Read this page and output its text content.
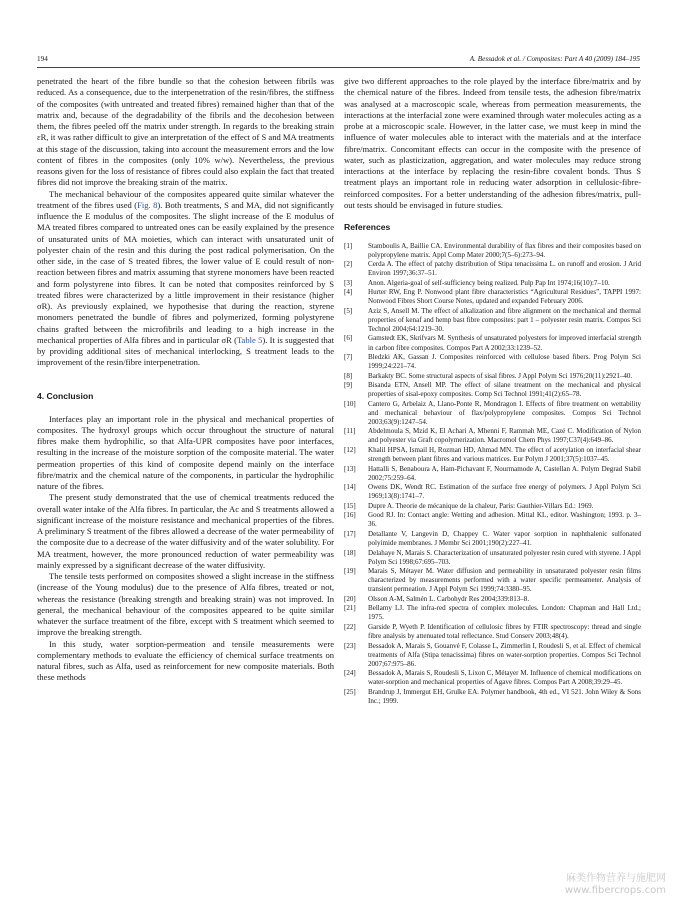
194	A. Bessadok et al. / Composites: Part A 40 (2009) 184–195

penetrated the heart of the fibre bundle so that the cohesion between fibrils was reduced. As a consequence, due to the interpenetration of the resin/fibres, the stiffness of the composites (with untreated and treated fibres) remained higher than that of the matrix and, because of the degradability of the fibrils and the decohesion between them, the fibres peeled off the matrix under strength. In regards to the breaking strain εR, it was rather difficult to give an interpretation of the effect of S and MA treatments at this stage of the discussion, taking into account the measurement errors and the low content of fibres in the composites (only 10% w/w). Nevertheless, the previous reasons given for the loss of resistance of fibres could also explain the fact that treated fibres did not improve the breaking strain of the matrix.

The mechanical behaviour of the composites appeared quite similar whatever the treatment of the fibres used (Fig. 8). Both treatments, S and MA, did not significantly influence the E modulus of the composites. The slight increase of the E modulus of MA treated fibres compared to untreated ones can be easily explained by the presence of unsaturated units of MA moieties, which can interact with unsaturated unit of polyester chain of the resin and this during the post radical polymerisation. On the other side, in the case of S treated fibres, the lower value of E could result of non-reaction between fibres and matrix assuming that styrene monomers have been reacted and form polystyrene into fibres. It can be noted that composites reinforced by S treated fibres were characterized by a little improvement in their resistance (higher σR). As previously explained, we hypothesise that during the reaction, styrene monomers penetrated the bundle of fibres and polymerized, forming polystyrene chains grafted between the microfibrils and leading to a high increase in the mechanical properties of Alfa fibres and in particular σR (Table 5). It is suggested that by providing additional sites of mechanical interlocking, S treatment leads to the improvement of the resin/fibre interpenetration.

4. Conclusion

Interfaces play an important role in the physical and mechanical properties of composites. The hydroxyl groups which occur throughout the structure of natural fibres make them hydrophilic, so that Alfa-UPR composites have poor interfaces, resulting in the increase of the moisture sorption of the composite material. The water permeation properties of this kind of composite depend mainly on the interface fibre/matrix and the chemical nature of the components, in particular the hydrophilic nature of the fibres.

The present study demonstrated that the use of chemical treatments reduced the overall water intake of the Alfa fibres. In particular, the Ac and S treatments allowed a significant increase of the moisture resistance and mechanical properties of the fibres. A preliminary S treatment of the fibres allowed a decrease of the water permeability of the composite due to a decrease of the water diffusivity and of the water solubility. For MA treatment, however, the more pronounced reduction of water permeability was mainly expressed by a significant decrease of the water diffusivity.

The tensile tests performed on composites showed a slight increase in the stiffness (increase of the Young modulus) due to the presence of Alfa fibres, treated or not, whereas the resistance (breaking strength and breaking strain) was not improved. In general, the mechanical behaviour of the composites appeared to be quite similar whatever the surface treatment of the fibre, except with S treatment which seemed to improve the breaking strength.

In this study, water sorption-permeation and tensile measurements were complementary methods to evaluate the efficiency of chemical surface treatments on natural fibres, such as Alfa, used as reinforcement for new composite materials. Both these methods

give two different approaches to the role played by the interface fibre/matrix and by the chemical nature of the fibres. Indeed from tensile tests, the adhesion fibre/matrix was analysed at a macroscopic scale, whereas from permeation measurements, the interactions at the interfacial zone were examined through water molecules acting as a probe at a microscopic scale. However, in the latter case, we must keep in mind the influence of water molecules able to interact with the materials and at the interface fibre/matrix. Concomitant effects can occur in the composite with the presence of water, such as plasticization, aggregation, and water molecules may reduce strong interactions at the interface by replacing the resin-fibre covalent bonds. Thus S treatment plays an important role in reducing water adsorption in cellulosic-fibre-reinforced composites. For a better understanding of the adhesion fibres/matrix, pull-out tests should be envisaged in future studies.

References
[1] Stamboulis A, Baillie CA. Environmental durability of flax fibres and their composites based on polypropylene matrix. Appl Comp Mater 2000;7(5–6):273–94.
[2] Cerda A. The effect of patchy distribution of Stipa tenacissima L. on runoff and erosion. J Arid Environ 1997;36:37–51.
[3] Anon. Algeria-goal of self-sufficiency being realized. Pulp Pap Int 1974;16(10):7–10.
[4] Hurter RW, Eng P. Nonwood plant fibre characteristics “Agricultural Residues”, TAPPI 1997: Nonwood Fibres Short Course Notes, updated and expanded February 2006.
[5] Aziz S, Ansell M. The effect of alkalization and fibre alignment on the mechanical and thermal properties of kenaf and hemp bast fibre composites: part 1 – polyester resin matrix. Compos Sci Technol 2004;64:1219–30.
[6] Gamstedt EK, Skrifvars M. Synthesis of unsaturated polyesters for improved interfacial strength in carbon fibre composites. Compos Part A 2002;33:1239–52.
[7] Bledzki AK, Gassan J. Composites reinforced with cellulose based fibers. Prog Polym Sci 1999;24:221–74.
[8] Barkakty BC. Some structural aspects of sisal fibres. J Appl Polym Sci 1976;20(11):2921–40.
[9] Bisanda ETN, Ansell MP. The effect of silane treatment on the mechanical and physical properties of sisal-epoxy composites. Comp Sci Technol 1991;41(2):65–78.
[10] Cantero G, Arbelaiz A, Llano-Ponte R, Mondragon I. Effects of fibre treatment on wettability and mechanical behaviour of flax/polypropylene composites. Compos Sci Technol 2003;63(9):1247–54.
[11] Abdelmoula S, Mzid K, El Achari A, Mhenni F, Rammah ME, Cazé C. Modification of Nylon and polyester via Graft copolymerization. Macromol Chem Phys 1997;C37(4):649–86.
[12] Khalil HPSA, Ismail H, Rozman HD, Ahmad MN. The effect of acetylation on interfacial shear strength between plant fibres and various matrices. Eur Polym J 2001;37(5):1037–45.
[13] Hattalli S, Benaboura A, Ham-Pichavant F, Nourmamode A, Castellan A. Polym Degrad Stabil 2002;75:259–64.
[14] Owens DK, Wendt RC. Estimation of the surface free energy of polymers. J Appl Polym Sci 1969;13(8):1741–7.
[15] Dupre A. Theorie de mécanique de la chaleur, Paris: Gauthier-Villars Ed.: 1969.
[16] Good RJ. In: Contact angle: Wetting and adhesion. Mittal KL, editor. Washington; 1993. p. 3–36.
[17] Detallante V, Langevin D, Chappey C. Water vapor sorption in naphthalenic sulfonated polyimide membranes. J Membr Sci 2001;190(2):227–41.
[18] Delahaye N, Marais S. Characterization of unsaturated polyester resin cured with styrene. J Appl Polym Sci 1998;67:695–703.
[19] Marais S, Métayer M. Water diffusion and permeability in unsaturated polyester resin films characterized by measurements performed with a water specific permeameter. Analysis of transient permeation. J Appl Polym Sci 1999;74:3380–95.
[20] Olsson A-M, Salmén L. Carbohydr Res 2004;339:813–8.
[21] Bellamy LJ. The infra-red spectra of complex molecules. London: Chapman and Hall Ltd.; 1975.
[22] Garside P, Wyeth P. Identification of cellulosic fibres by FTIR spectroscopy: thread and single fibre analysis by attenuated total reflectance. Stud Conserv 2003;48(4).
[23] Bessadok A, Marais S, Gouanvé F, Colasse L, Zimmerlin I, Roudesli S, et al. Effect of chemical treatments of Alfa (Stipa tenacissima) fibres on water-sorption properties. Compos Sci Technol 2007;67:975–86.
[24] Bessadok A, Marais S, Roudesli S, Lixon C, Métayer M. Influence of chemical modifications on water-sorption and mechanical properties of Agave fibres. Compos Part A 2008;39:29–45.
[25] Brandrup J, Immergut EH, Grulke EA. Polymer handbook, 4th ed., VI 521. John Wiley & Sons Inc.; 1999.
麻类作物营养与施肥网
www.fibercrops.com
